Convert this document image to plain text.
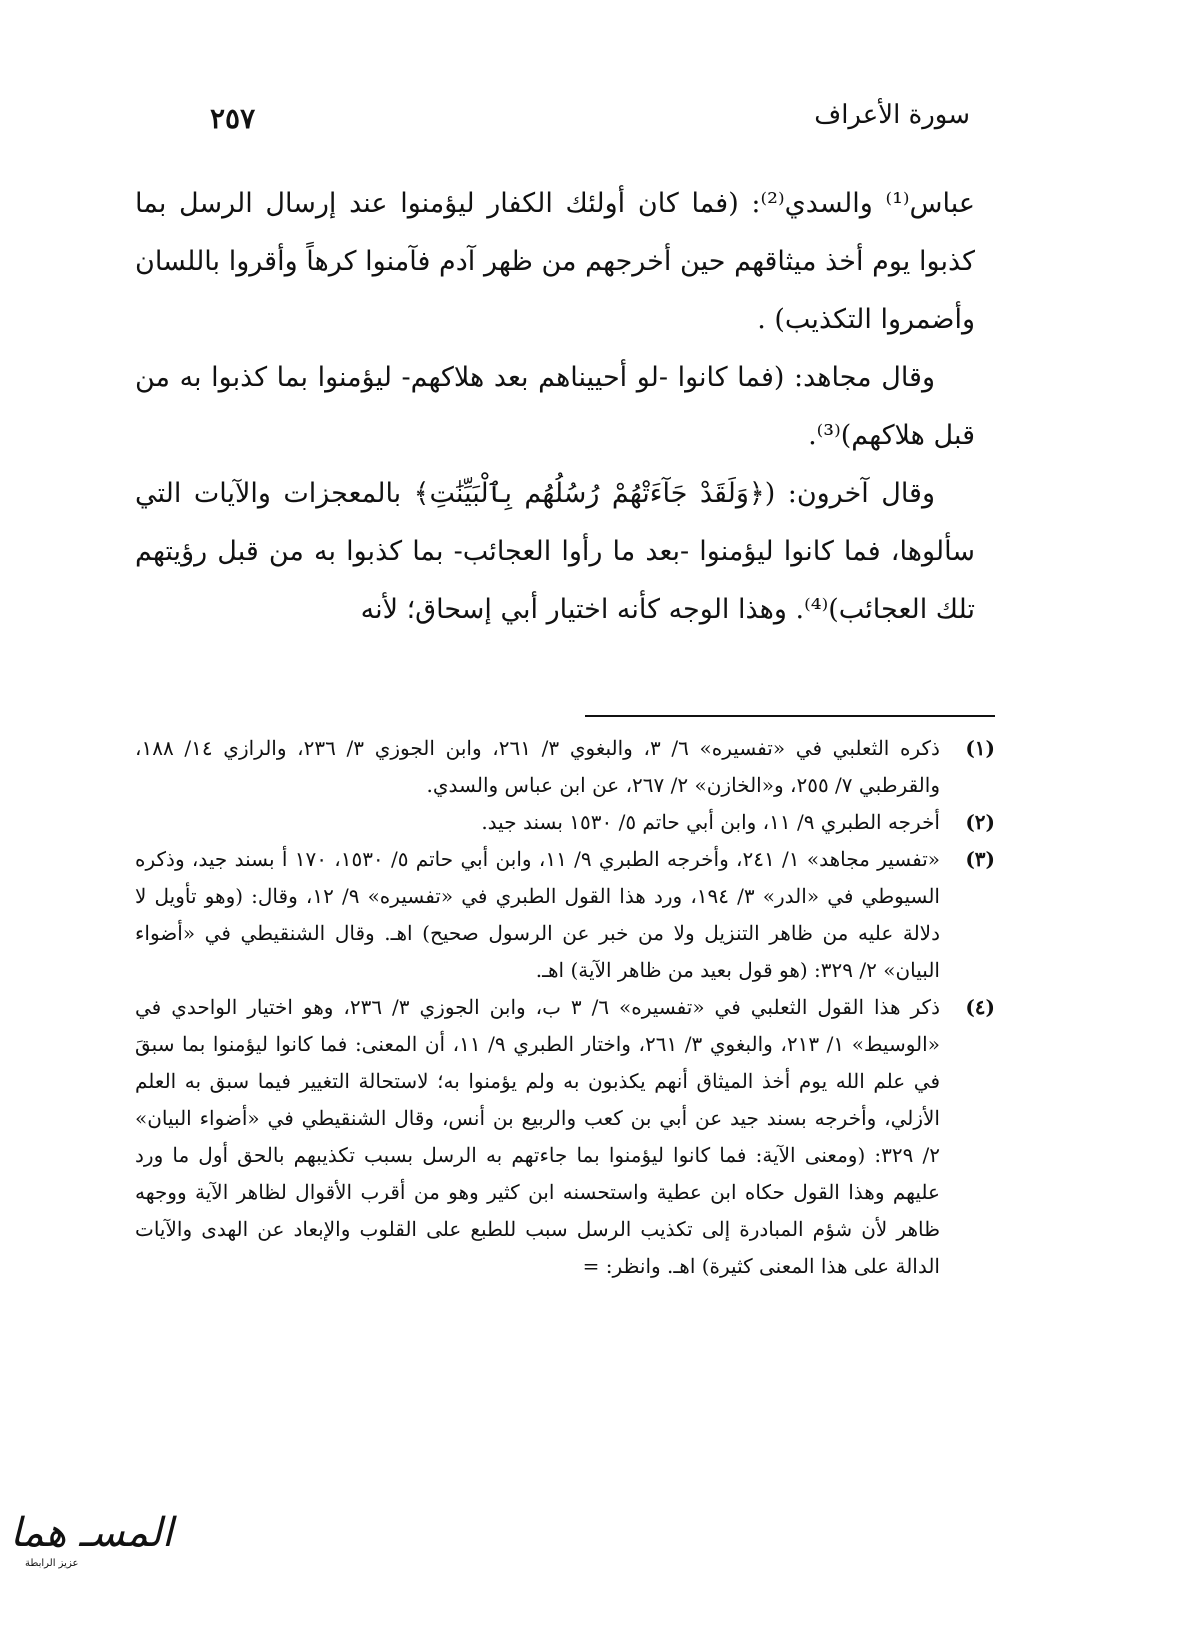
٢٥٧	سورة الأعراف

عباس⁽¹⁾ والسدي⁽²⁾: (فما كان أولئك الكفار ليؤمنوا عند إرسال الرسل بما كذبوا يوم أخذ ميثاقهم حين أخرجهم من ظهر آدم فآمنوا كرهاً وأقروا باللسان وأضمروا التكذيب) .

وقال مجاهد: (فما كانوا -لو أحييناهم بعد هلاكهم- ليؤمنوا بما كذبوا به من قبل هلاكهم)⁽³⁾.

وقال آخرون: (﴿وَلَقَدْ جَآءَتْهُمْ رُسُلُهُم بِٱلْبَيِّنَٰتِ﴾ بالمعجزات والآيات التي سألوها، فما كانوا ليؤمنوا -بعد ما رأوا العجائب- بما كذبوا به من قبل رؤيتهم تلك العجائب)⁽⁴⁾. وهذا الوجه كأنه اختيار أبي إسحاق؛ لأنه

(١)
ذكره الثعلبي في «تفسيره» ٦/ ٣، والبغوي ٣/ ٢٦١، وابن الجوزي ٣/ ٢٣٦، والرازي ١٤/ ١٨٨، والقرطبي ٧/ ٢٥٥، و«الخازن» ٢/ ٢٦٧، عن ابن عباس والسدي.
(٢)
أخرجه الطبري ٩/ ١١، وابن أبي حاتم ٥/ ١٥٣٠ بسند جيد.
(٣)
«تفسير مجاهد» ١/ ٢٤١، وأخرجه الطبري ٩/ ١١، وابن أبي حاتم ٥/ ١٥٣٠، ١٧٠ أ بسند جيد، وذكره السيوطي في «الدر» ٣/ ١٩٤، ورد هذا القول الطبري في «تفسيره» ٩/ ١٢، وقال: (وهو تأويل لا دلالة عليه من ظاهر التنزيل ولا من خبر عن الرسول صحيح) اهـ. وقال الشنقيطي في «أضواء البيان» ٢/ ٣٢٩: (هو قول بعيد من ظاهر الآية) اهـ.
(٤)
ذكر هذا القول الثعلبي في «تفسيره» ٦/ ٣ ب، وابن الجوزي ٣/ ٢٣٦، وهو اختيار الواحدي في «الوسيط» ١/ ٢١٣، والبغوي ٣/ ٢٦١، واختار الطبري ٩/ ١١، أن المعنى: فما كانوا ليؤمنوا بما سبقَ في علم الله يوم أخذ الميثاق أنهم يكذبون به ولم يؤمنوا به؛ لاستحالة التغيير فيما سبق به العلم الأزلي، وأخرجه بسند جيد عن أبي بن كعب والربيع بن أنس، وقال الشنقيطي في «أضواء البيان» ٢/ ٣٢٩: (ومعنى الآية: فما كانوا ليؤمنوا بما جاءتهم به الرسل بسبب تكذيبهم بالحق أول ما ورد عليهم وهذا القول حكاه ابن عطية واستحسنه ابن كثير وهو من أقرب الأقوال لظاهر الآية ووجهه ظاهر لأن شؤم المبادرة إلى تكذيب الرسل سبب للطبع على القلوب والإبعاد عن الهدى والآيات الدالة على هذا المعنى كثيرة) اهـ. وانظر: =
المسـ هما
عزيز الرابطة
